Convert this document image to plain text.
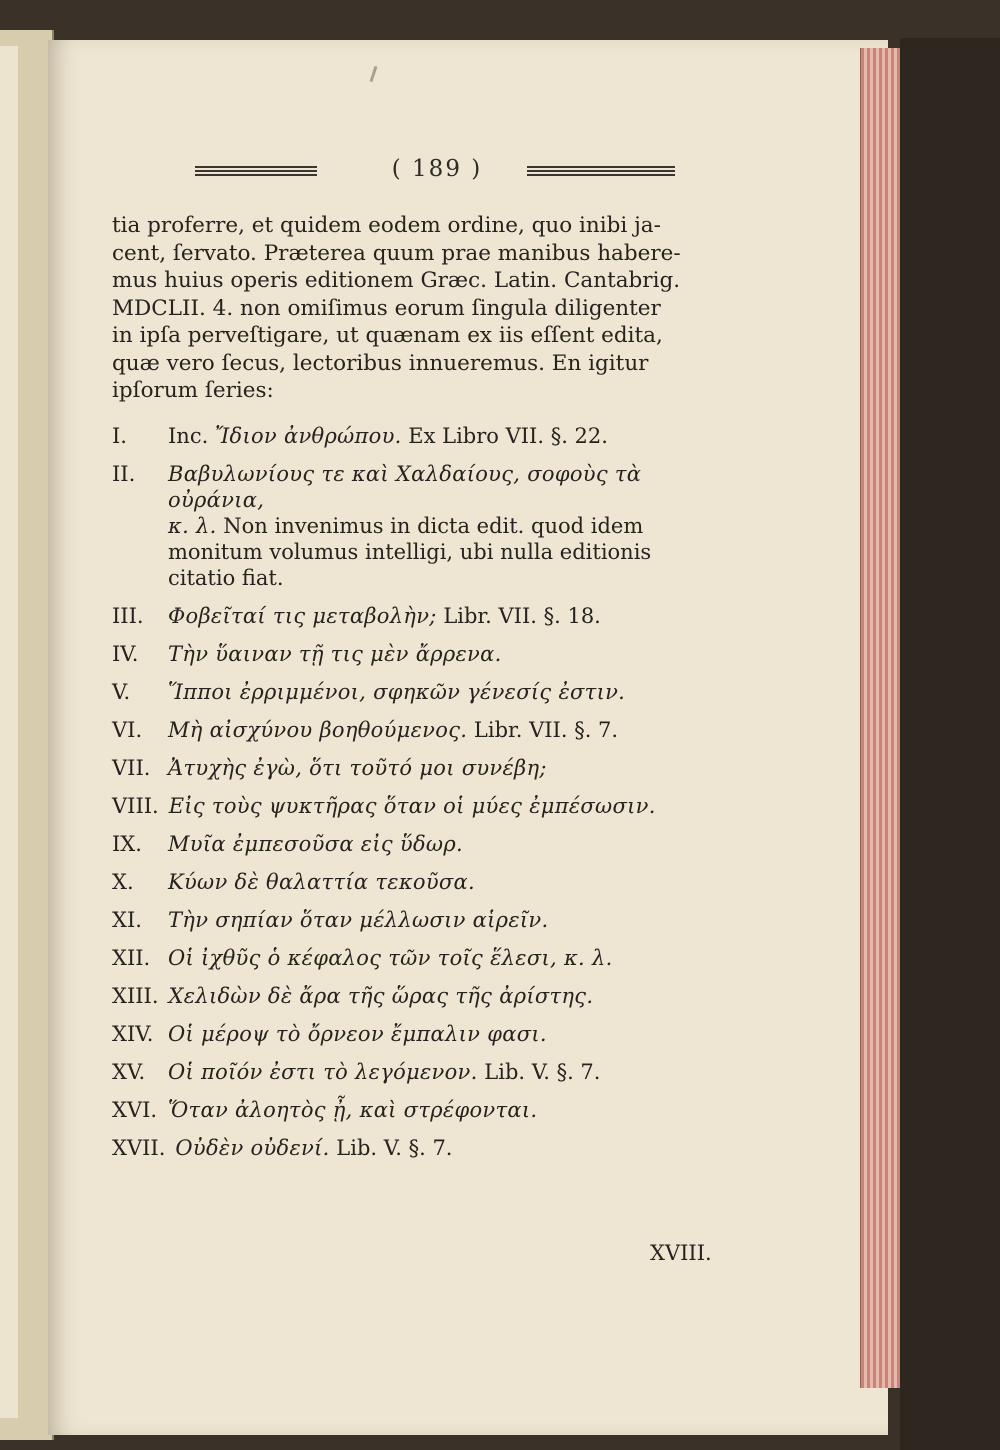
( 189 )

tia proferre, et quidem eodem ordine, quo inibi ja-
cent, ſervato. Præterea quum prae manibus habere-
mus huius operis editionem Græc. Latin. Cantabrig.
MDCLII. 4. non omiſimus eorum ſingula diligenter
in ipſa perveſtigare, ut quænam ex iis eſſent edita,
quæ vero ſecus, lectoribus innueremus. En igitur
ipſorum ſeries:

I.	Inc. Ἴδιον ἀνθρώπου. Ex Libro VII. §. 22.
II.	Βαβυλωνίους τε καὶ Χαλδαίους, σοφοὺς τὰ οὐράνια,
κ. λ. Non invenimus in dicta edit. quod idem
monitum volumus intelligi, ubi nulla editionis
citatio fiat.
III.	Φοβεῖταί τις μεταβολὴν; Libr. VII. §. 18.
IV.	Τὴν ὕαιναν τῇ τις μὲν ἄρρενα.
V.	Ἵπποι ἐρριμμένοι, σφηκῶν γένεσίς ἐστιν.
VI.	Μὴ αἰσχύνου βοηθούμενος. Libr. VII. §. 7.
VII. Ἀτυχὴς ἐγὼ, ὅτι τοῦτό μοι συνέβη;
VIII. Εἰς τοὺς ψυκτῆρας ὅταν οἱ μύες ἐμπέσωσιν.
IX.	Μυῖα ἐμπεσοῦσα εἰς ὕδωρ.
X.	Κύων δὲ θαλαττία τεκοῦσα.
XI.	Τὴν σηπίαν ὅταν μέλλωσιν αἱρεῖν.
XII. Οἱ ἰχθῦς ὁ κέφαλος τῶν τοῖς ἕλεσι, κ. λ.
XIII. Χελιδὼν δὲ ἄρα τῆς ὥρας τῆς ἀρίστης.
XIV. Οἱ μέροψ τὸ ὄρνεον ἔμπαλιν φασι.
XV.	Οἱ ποῖόν ἐστι τὸ λεγόμενον. Lib. V. §. 7.
XVI. Ὅταν ἀλοητὸς ᾖ, καὶ στρέφονται.
XVII. Οὐδὲν οὐδενί. Lib. V. §. 7.
XVIII.
